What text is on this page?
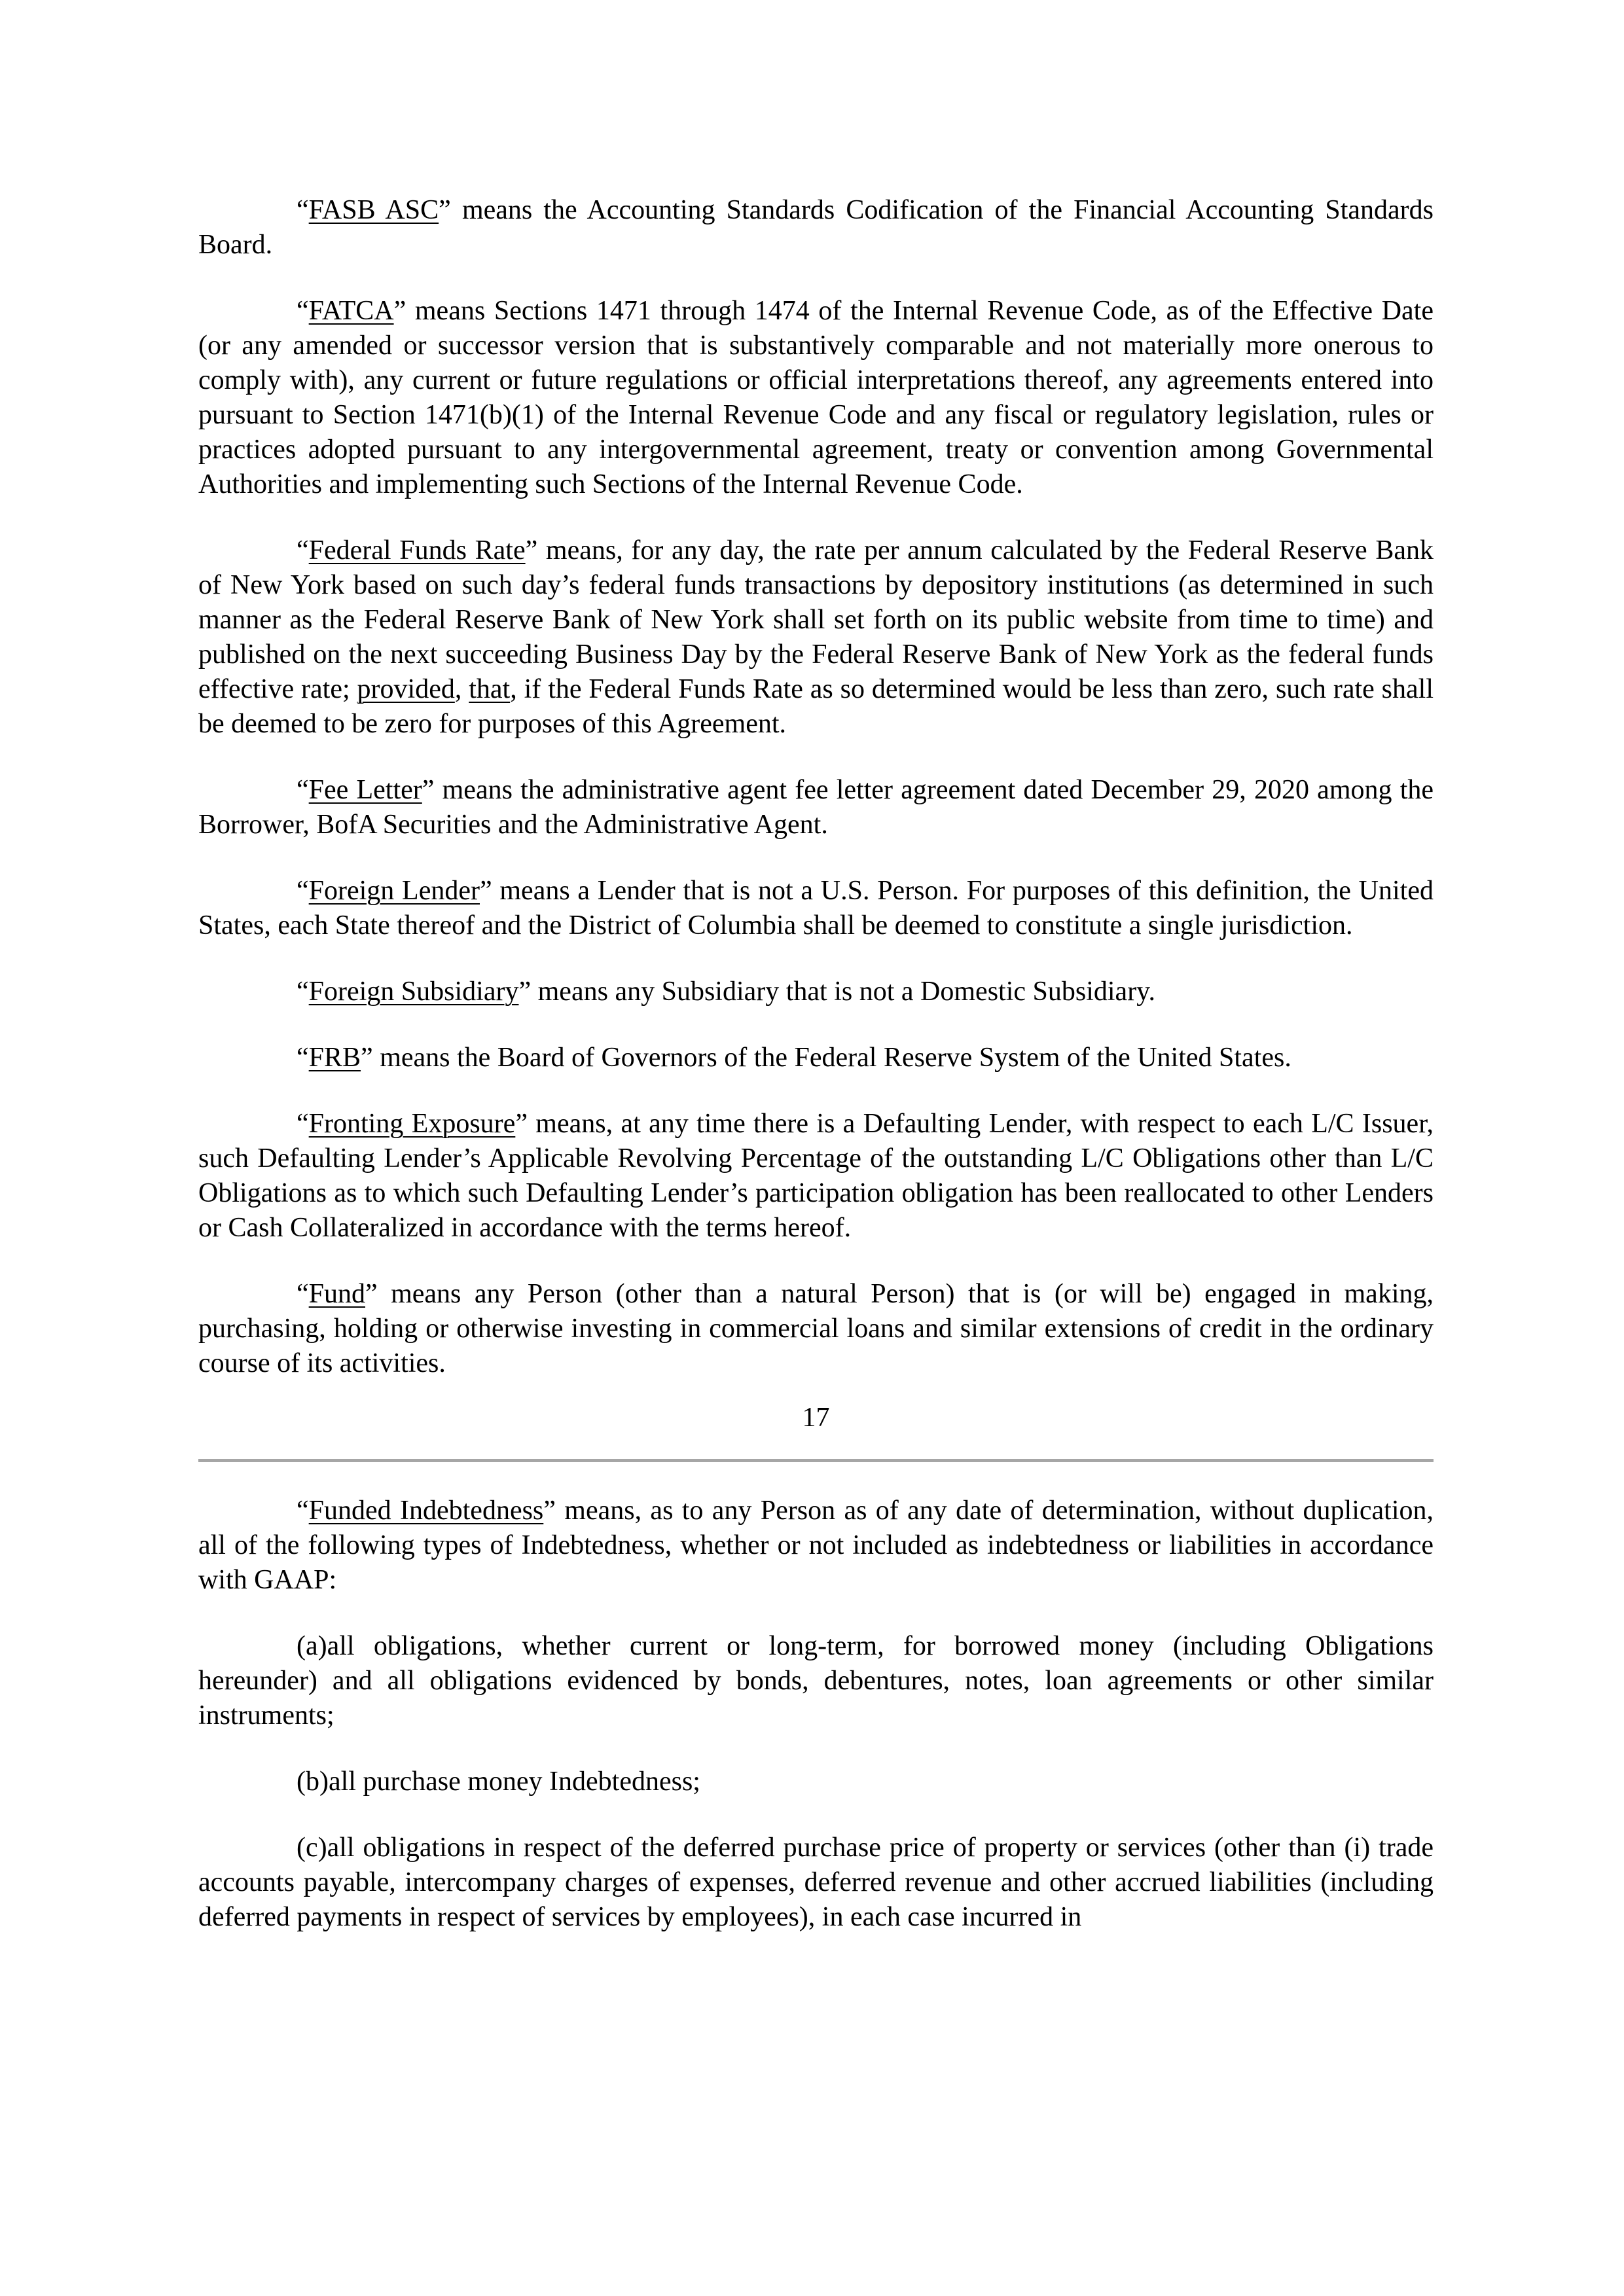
“FASB ASC” means the Accounting Standards Codification of the Financial Accounting Standards Board.

“FATCA” means Sections 1471 through 1474 of the Internal Revenue Code, as of the Effective Date (or any amended or successor version that is substantively comparable and not materially more onerous to comply with), any current or future regulations or official interpretations thereof, any agreements entered into pursuant to Section 1471(b)(1) of the Internal Revenue Code and any fiscal or regulatory legislation, rules or practices adopted pursuant to any intergovernmental agreement, treaty or convention among Governmental Authorities and implementing such Sections of the Internal Revenue Code.

“Federal Funds Rate” means, for any day, the rate per annum calculated by the Federal Reserve Bank of New York based on such day’s federal funds transactions by depository institutions (as determined in such manner as the Federal Reserve Bank of New York shall set forth on its public website from time to time) and published on the next succeeding Business Day by the Federal Reserve Bank of New York as the federal funds effective rate; provided, that, if the Federal Funds Rate as so determined would be less than zero, such rate shall be deemed to be zero for purposes of this Agreement.

“Fee Letter” means the administrative agent fee letter agreement dated December 29, 2020 among the Borrower, BofA Securities and the Administrative Agent.

“Foreign Lender” means a Lender that is not a U.S. Person. For purposes of this definition, the United States, each State thereof and the District of Columbia shall be deemed to constitute a single jurisdiction.

“Foreign Subsidiary” means any Subsidiary that is not a Domestic Subsidiary.

“FRB” means the Board of Governors of the Federal Reserve System of the United States.

“Fronting Exposure” means, at any time there is a Defaulting Lender, with respect to each L/C Issuer, such Defaulting Lender’s Applicable Revolving Percentage of the outstanding L/C Obligations other than L/C Obligations as to which such Defaulting Lender’s participation obligation has been reallocated to other Lenders or Cash Collateralized in accordance with the terms hereof.

“Fund” means any Person (other than a natural Person) that is (or will be) engaged in making, purchasing, holding or otherwise investing in commercial loans and similar extensions of credit in the ordinary course of its activities.

17

“Funded Indebtedness” means, as to any Person as of any date of determination, without duplication, all of the following types of Indebtedness, whether or not included as indebtedness or liabilities in accordance with GAAP:

(a)all obligations, whether current or long-term, for borrowed money (including Obligations hereunder) and all obligations evidenced by bonds, debentures, notes, loan agreements or other similar instruments;

(b)all purchase money Indebtedness;

(c)all obligations in respect of the deferred purchase price of property or services (other than (i) trade accounts payable, intercompany charges of expenses, deferred revenue and other accrued liabilities (including deferred payments in respect of services by employees), in each case incurred in
